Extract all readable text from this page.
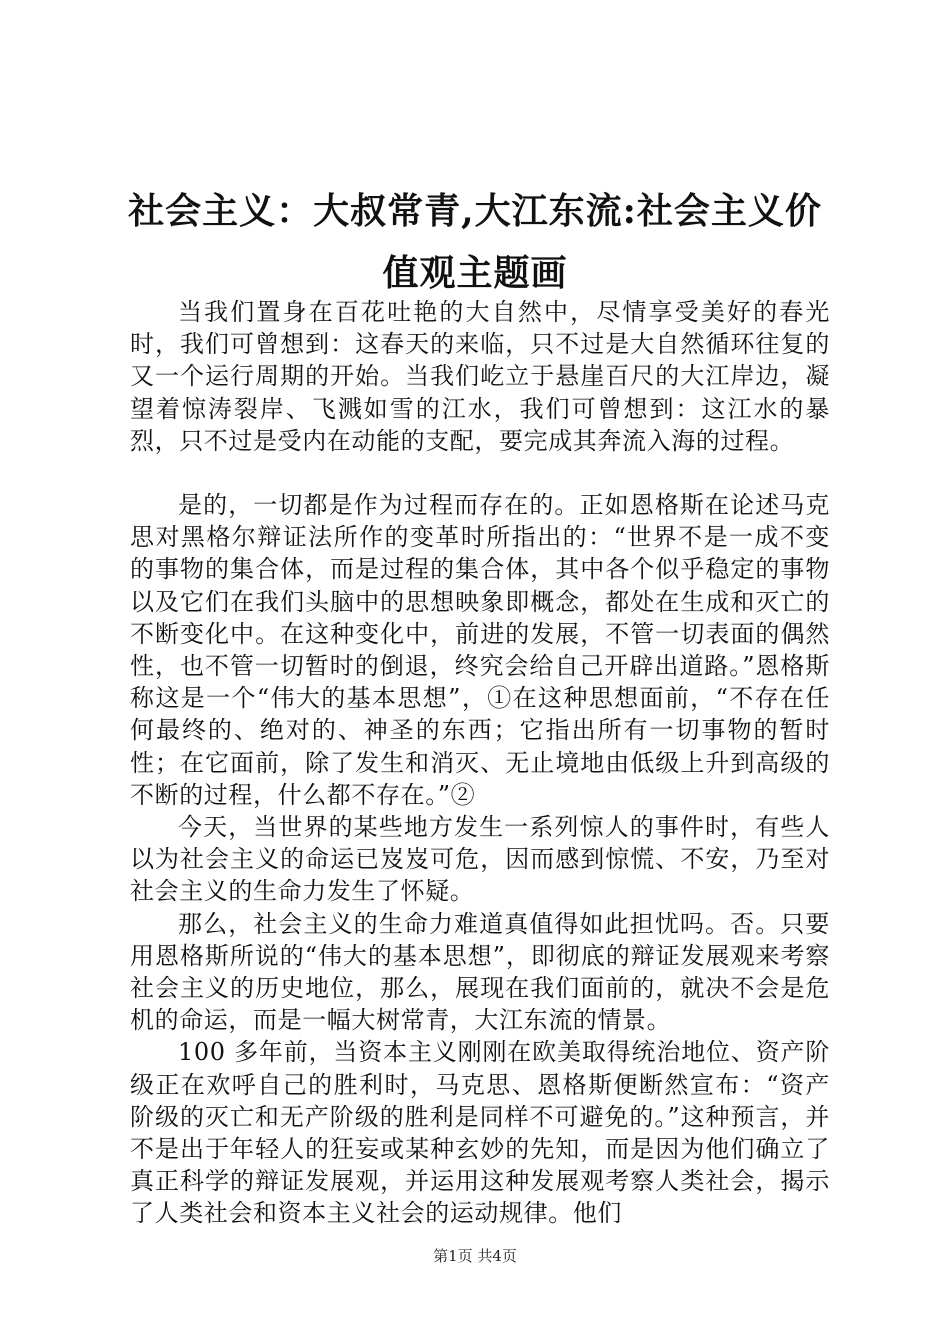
社会主义：大叔常青,大江东流:社会主义价值观主题画

当我们置身在百花吐艳的大自然中，尽情享受美好的春光时，我们可曾想到：这春天的来临，只不过是大自然循环往复的又一个运行周期的开始。当我们屹立于悬崖百尺的大江岸边，凝望着惊涛裂岸、飞溅如雪的江水，我们可曾想到：这江水的暴烈，只不过是受内在动能的支配，要完成其奔流入海的过程。

是的，一切都是作为过程而存在的。正如恩格斯在论述马克思对黑格尔辩证法所作的变革时所指出的：“世界不是一成不变的事物的集合体，而是过程的集合体，其中各个似乎稳定的事物以及它们在我们头脑中的思想映象即概念，都处在生成和灭亡的不断变化中。在这种变化中，前进的发展，不管一切表面的偶然性，也不管一切暂时的倒退，终究会给自己开辟出道路。”恩格斯称这是一个“伟大的基本思想”，①在这种思想面前，“不存在任何最终的、绝对的、神圣的东西；它指出所有一切事物的暂时性；在它面前，除了发生和消灭、无止境地由低级上升到高级的不断的过程，什么都不存在。”②

今天，当世界的某些地方发生一系列惊人的事件时，有些人以为社会主义的命运已岌岌可危，因而感到惊慌、不安，乃至对社会主义的生命力发生了怀疑。

那么，社会主义的生命力难道真值得如此担忧吗。否。只要用恩格斯所说的“伟大的基本思想”，即彻底的辩证发展观来考察社会主义的历史地位，那么，展现在我们面前的，就决不会是危机的命运，而是一幅大树常青，大江东流的情景。

100 多年前，当资本主义刚刚在欧美取得统治地位、资产阶级正在欢呼自己的胜利时，马克思、恩格斯便断然宣布：“资产阶级的灭亡和无产阶级的胜利是同样不可避免的。”这种预言，并不是出于年轻人的狂妄或某种玄妙的先知，而是因为他们确立了真正科学的辩证发展观，并运用这种发展观考察人类社会，揭示了人类社会和资本主义社会的运动规律。他们

第1页 共4页
